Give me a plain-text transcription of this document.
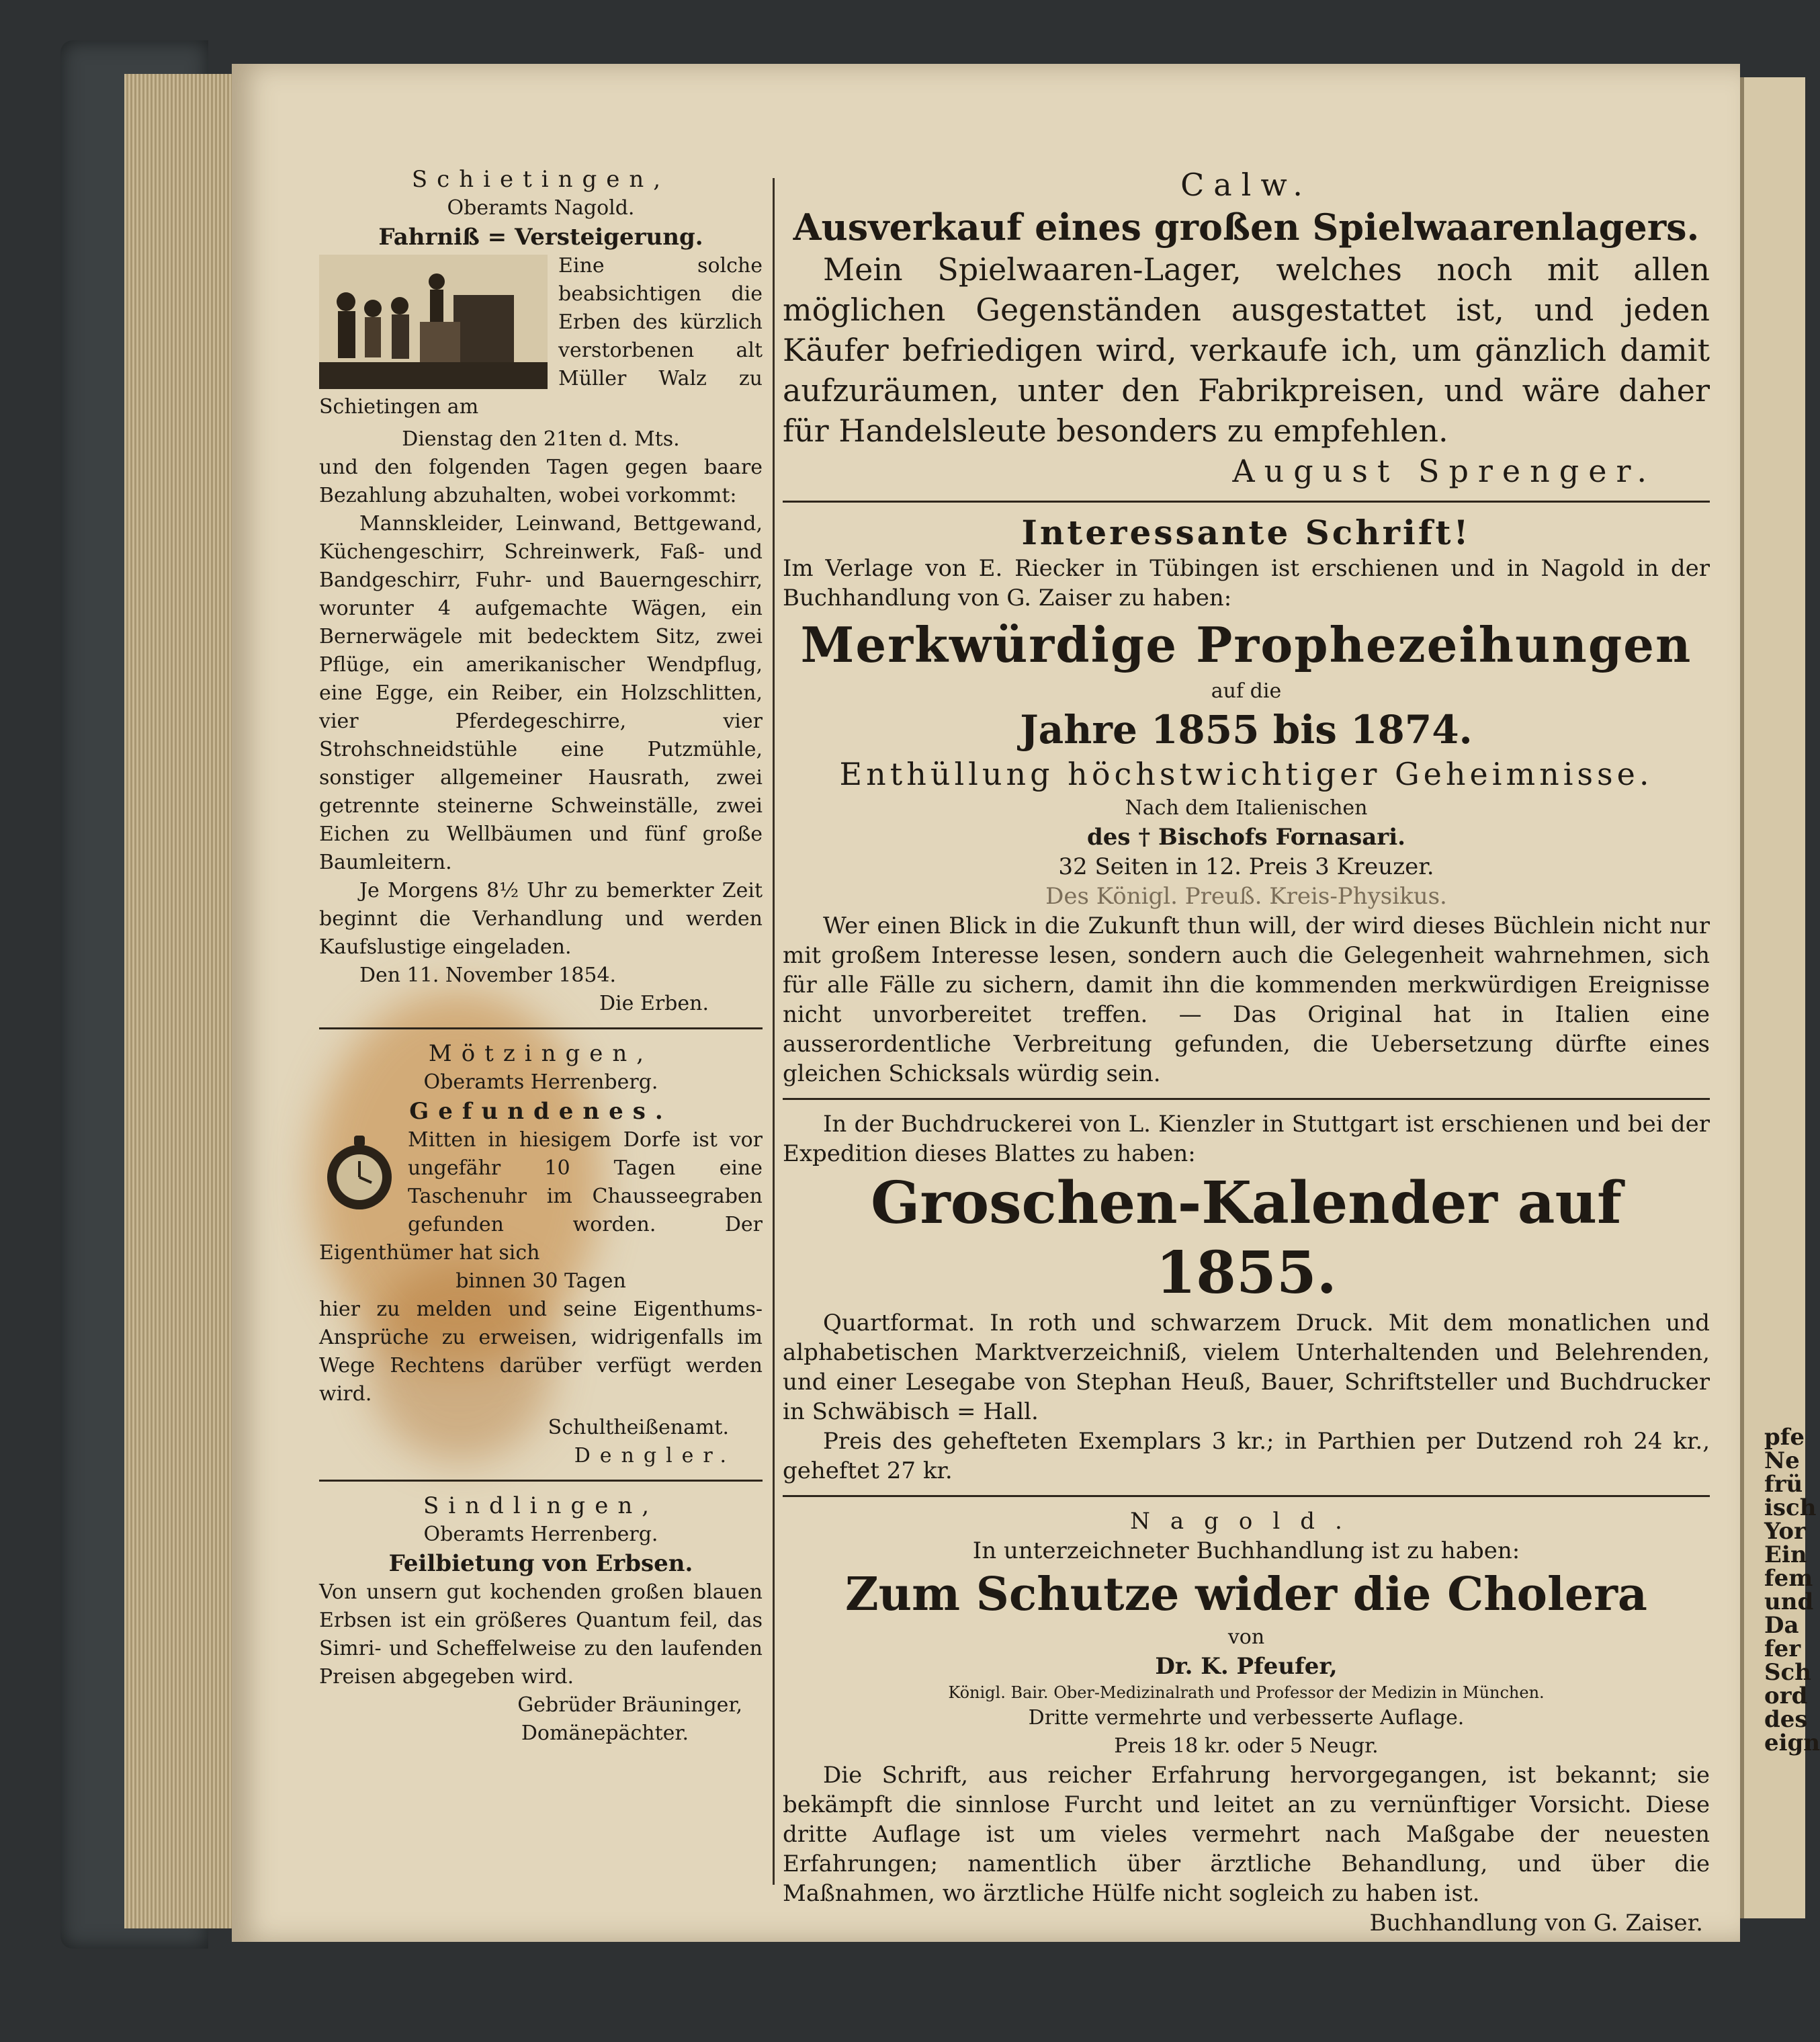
Schietingen,
Oberamts Nagold.
Fahrniß = Versteigerung.
Eine solche beabsichtigen die Erben des kürzlich verstorbenen alt Müller Walz zu Schietingen am
Dienstag den 21ten d. Mts.
und den folgenden Tagen gegen baare Bezahlung abzuhalten, wobei vorkommt:
Mannskleider, Leinwand, Bettgewand, Küchengeschirr, Schreinwerk, Faß- und Bandgeschirr, Fuhr- und Bauerngeschirr, worunter 4 aufgemachte Wägen, ein Bernerwägele mit bedecktem Sitz, zwei Pflüge, ein amerikanischer Wendpflug, eine Egge, ein Reiber, ein Holzschlitten, vier Pferdegeschirre, vier Strohschneidstühle eine Putzmühle, sonstiger allgemeiner Hausrath, zwei getrennte steinerne Schweinställe, zwei Eichen zu Wellbäumen und fünf große Baumleitern.
Je Morgens 8½ Uhr zu bemerkter Zeit beginnt die Verhandlung und werden Kaufslustige eingeladen.
Den 11. November 1854.
Die Erben.
Mötzingen,
Oberamts Herrenberg.
Gefundenes.
Mitten in hiesigem Dorfe ist vor ungefähr 10 Tagen eine Taschenuhr im Chausseegraben gefunden worden. Der Eigenthümer hat sich
binnen 30 Tagen
hier zu melden und seine Eigenthums-Ansprüche zu erweisen, widrigenfalls im Wege Rechtens darüber verfügt werden wird.
Schultheißenamt.
Dengler.
Sindlingen,
Oberamts Herrenberg.
Feilbietung von Erbsen.
Von unsern gut kochenden großen blauen Erbsen ist ein größeres Quantum feil, das Simri- und Scheffelweise zu den laufenden Preisen abgegeben wird.
Gebrüder Bräuninger,
Domänepächter.
Calw.
Ausverkauf eines großen Spielwaarenlagers.
Mein Spielwaaren-Lager, welches noch mit allen möglichen Gegenständen ausgestattet ist, und jeden Käufer befriedigen wird, verkaufe ich, um gänzlich damit aufzuräumen, unter den Fabrikpreisen, und wäre daher für Handelsleute besonders zu empfehlen.
August Sprenger.
Interessante Schrift!
Im Verlage von E. Riecker in Tübingen ist erschienen und in Nagold in der Buchhandlung von G. Zaiser zu haben:
Merkwürdige Prophezeihungen
auf die
Jahre 1855 bis 1874.
Enthüllung höchstwichtiger Geheimnisse.
Nach dem Italienischen
des † Bischofs Fornasari.
32 Seiten in 12. Preis 3 Kreuzer.
Des Königl. Preuß. Kreis-Physikus.
Wer einen Blick in die Zukunft thun will, der wird dieses Büchlein nicht nur mit großem Interesse lesen, sondern auch die Gelegenheit wahrnehmen, sich für alle Fälle zu sichern, damit ihn die kommenden merkwürdigen Ereignisse nicht unvorbereitet treffen. — Das Original hat in Italien eine ausserordentliche Verbreitung gefunden, die Uebersetzung dürfte eines gleichen Schicksals würdig sein.
In der Buchdruckerei von L. Kienzler in Stuttgart ist erschienen und bei der Expedition dieses Blattes zu haben:
Groschen-Kalender auf 1855.
Quartformat. In roth und schwarzem Druck. Mit dem monatlichen und alphabetischen Marktverzeichniß, vielem Unterhaltenden und Belehrenden, und einer Lesegabe von Stephan Heuß, Bauer, Schriftsteller und Buchdrucker in Schwäbisch = Hall.
Preis des gehefteten Exemplars 3 kr.; in Parthien per Dutzend roh 24 kr., geheftet 27 kr.
Nagold.
In unterzeichneter Buchhandlung ist zu haben:
Zum Schutze wider die Cholera
von
Dr. K. Pfeufer,
Königl. Bair. Ober-Medizinalrath und Professor der Medizin in München.
Dritte vermehrte und verbesserte Auflage.
Preis 18 kr. oder 5 Neugr.
Die Schrift, aus reicher Erfahrung hervorgegangen, ist bekannt; sie bekämpft die sinnlose Furcht und leitet an zu vernünftiger Vorsicht. Diese dritte Auflage ist um vieles vermehrt nach Maßgabe der neuesten Erfahrungen; namentlich über ärztliche Behandlung, und über die Maßnahmen, wo ärztliche Hülfe nicht sogleich zu haben ist.
Buchhandlung von G. Zaiser.
pfe
Ne
frü
isch
Yor
Ein
fem
und
Da
fer
Sch
ord
des
eign
